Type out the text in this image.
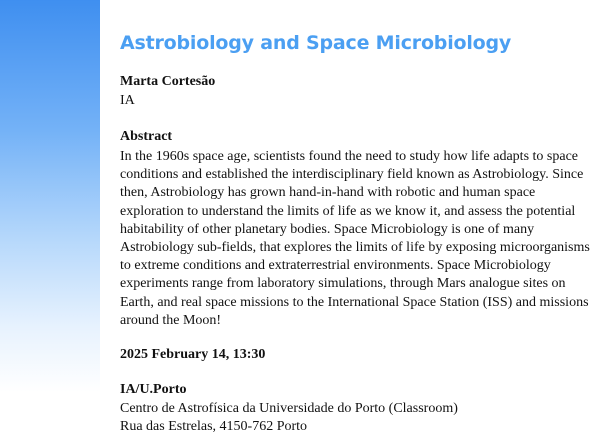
Astrobiology and Space Microbiology
Marta Cortesão
IA
Abstract

In the 1960s space age, scientists found the need to study how life adapts to space conditions and established the interdisciplinary field known as Astrobiology. Since then, Astrobiology has grown hand-in-hand with robotic and human space exploration to understand the limits of life as we know it, and assess the potential habitability of other planetary bodies. Space Microbiology is one of many Astrobiology sub-fields, that explores the limits of life by exposing microorganisms to extreme conditions and extraterrestrial environments. Space Microbiology experiments range from laboratory simulations, through Mars analogue sites on Earth, and real space missions to the International Space Station (ISS) and missions around the Moon!

2025 February 14, 13:30
IA/U.Porto
Centro de Astrofísica da Universidade do Porto (Classroom)
Rua das Estrelas, 4150-762 Porto
